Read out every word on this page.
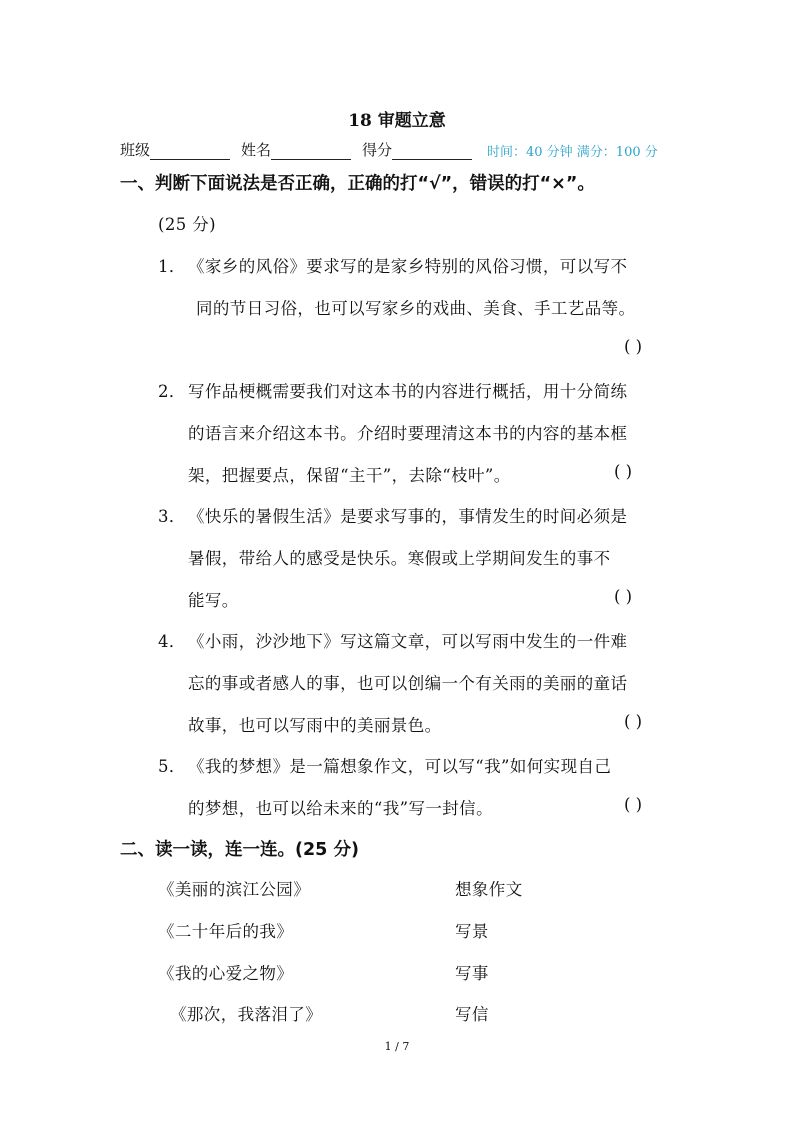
18 审题立意
班级	姓名	得分	时间：40 分钟 满分：100 分
一、判断下面说法是否正确，正确的打“√”，错误的打“×”。
(25 分)
1． 《家乡的风俗》要求写的是家乡特别的风俗习惯，可以写不
同的节日习俗，也可以写家乡的戏曲、美食、手工艺品等。
( )
2． 写作品梗概需要我们对这本书的内容进行概括，用十分简练
的语言来介绍这本书。介绍时要理清这本书的内容的基本框
架，把握要点，保留“主干”，去除“枝叶”。	( )
3． 《快乐的暑假生活》是要求写事的，事情发生的时间必须是
暑假，带给人的感受是快乐。寒假或上学期间发生的事不
能写。	( )
4． 《小雨，沙沙地下》写这篇文章，可以写雨中发生的一件难
忘的事或者感人的事，也可以创编一个有关雨的美丽的童话
故事，也可以写雨中的美丽景色。	( )
5． 《我的梦想》是一篇想象作文，可以写“我”如何实现自己
的梦想，也可以给未来的“我”写一封信。	( )
二、读一读，连一连。(25 分)
《美丽的滨江公园》	想象作文
《二十年后的我》	写景
《我的心爱之物》	写事
《那次，我落泪了》	写信
1 / 7
